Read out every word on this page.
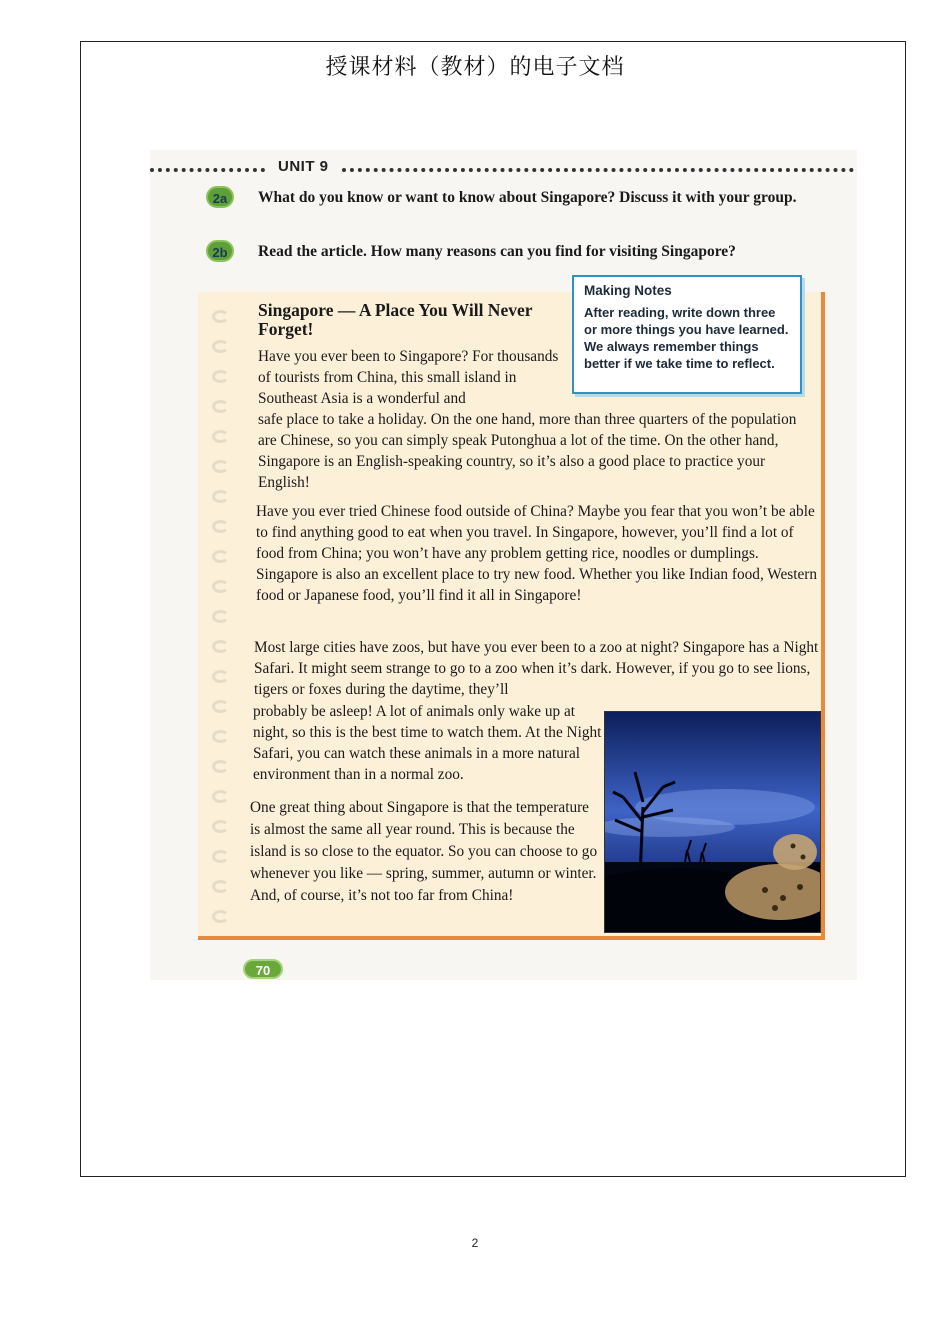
授课材料（教材）的电子文档
UNIT 9
2a	What do you know or want to know about Singapore? Discuss it with your group.
2b	Read the article. How many reasons can you find for visiting Singapore?
Making Notes
After reading, write down three or more things you have learned. We always remember things better if we take time to reflect.
Singapore — A Place You Will Never Forget!

Have you ever been to Singapore? For thousands of tourists from China, this small island in Southeast Asia is a wonderful and

safe place to take a holiday. On the one hand, more than three quarters of the population are Chinese, so you can simply speak Putonghua a lot of the time. On the other hand, Singapore is an English-speaking country, so it’s also a good place to practice your English!

Have you ever tried Chinese food outside of China? Maybe you fear that you won’t be able to find anything good to eat when you travel. In Singapore, however, you’ll find a lot of food from China; you won’t have any problem getting rice, noodles or dumplings. Singapore is also an excellent place to try new food. Whether you like Indian food, Western food or Japanese food, you’ll find it all in Singapore!

Most large cities have zoos, but have you ever been to a zoo at night? Singapore has a Night Safari. It might seem strange to go to a zoo when it’s dark. However, if you go to see lions, tigers or foxes during the daytime, they’ll

probably be asleep! A lot of animals only wake up at night, so this is the best time to watch them. At the Night Safari, you can watch these animals in a more natural environment than in a normal zoo.

One great thing about Singapore is that the temperature is almost the same all year round. This is because the island is so close to the equator. So you can choose to go whenever you like — spring, summer, autumn or winter. And, of course, it’s not too far from China!

70
2
